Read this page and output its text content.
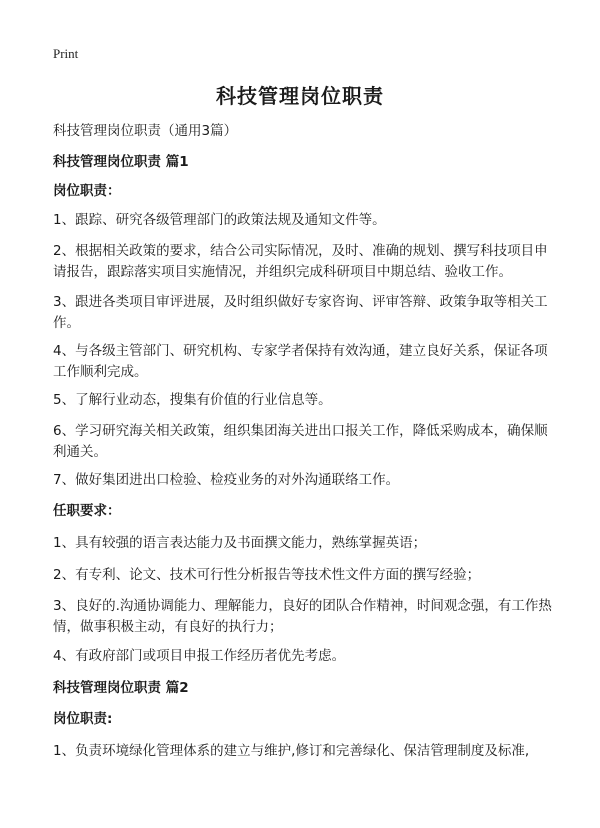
Print
科技管理岗位职责
科技管理岗位职责（通用3篇）
科技管理岗位职责 篇1
岗位职责：
1、跟踪、研究各级管理部门的政策法规及通知文件等。
2、根据相关政策的要求，结合公司实际情况，及时、准确的规划、撰写科技项目申请报告，跟踪落实项目实施情况，并组织完成科研项目中期总结、验收工作。
3、跟进各类项目审评进展，及时组织做好专家咨询、评审答辩、政策争取等相关工作。
4、与各级主管部门、研究机构、专家学者保持有效沟通，建立良好关系，保证各项工作顺利完成。
5、了解行业动态，搜集有价值的行业信息等。
6、学习研究海关相关政策，组织集团海关进出口报关工作，降低采购成本，确保顺利通关。
7、做好集团进出口检验、检疫业务的对外沟通联络工作。
任职要求：
1、具有较强的语言表达能力及书面撰文能力，熟练掌握英语；
2、有专利、论文、技术可行性分析报告等技术性文件方面的撰写经验；
3、良好的.沟通协调能力、理解能力，良好的团队合作精神，时间观念强，有工作热情，做事积极主动，有良好的执行力；
4、有政府部门或项目申报工作经历者优先考虑。
科技管理岗位职责 篇2
岗位职责:
1、负责环境绿化管理体系的建立与维护,修订和完善绿化、保洁管理制度及标准,
